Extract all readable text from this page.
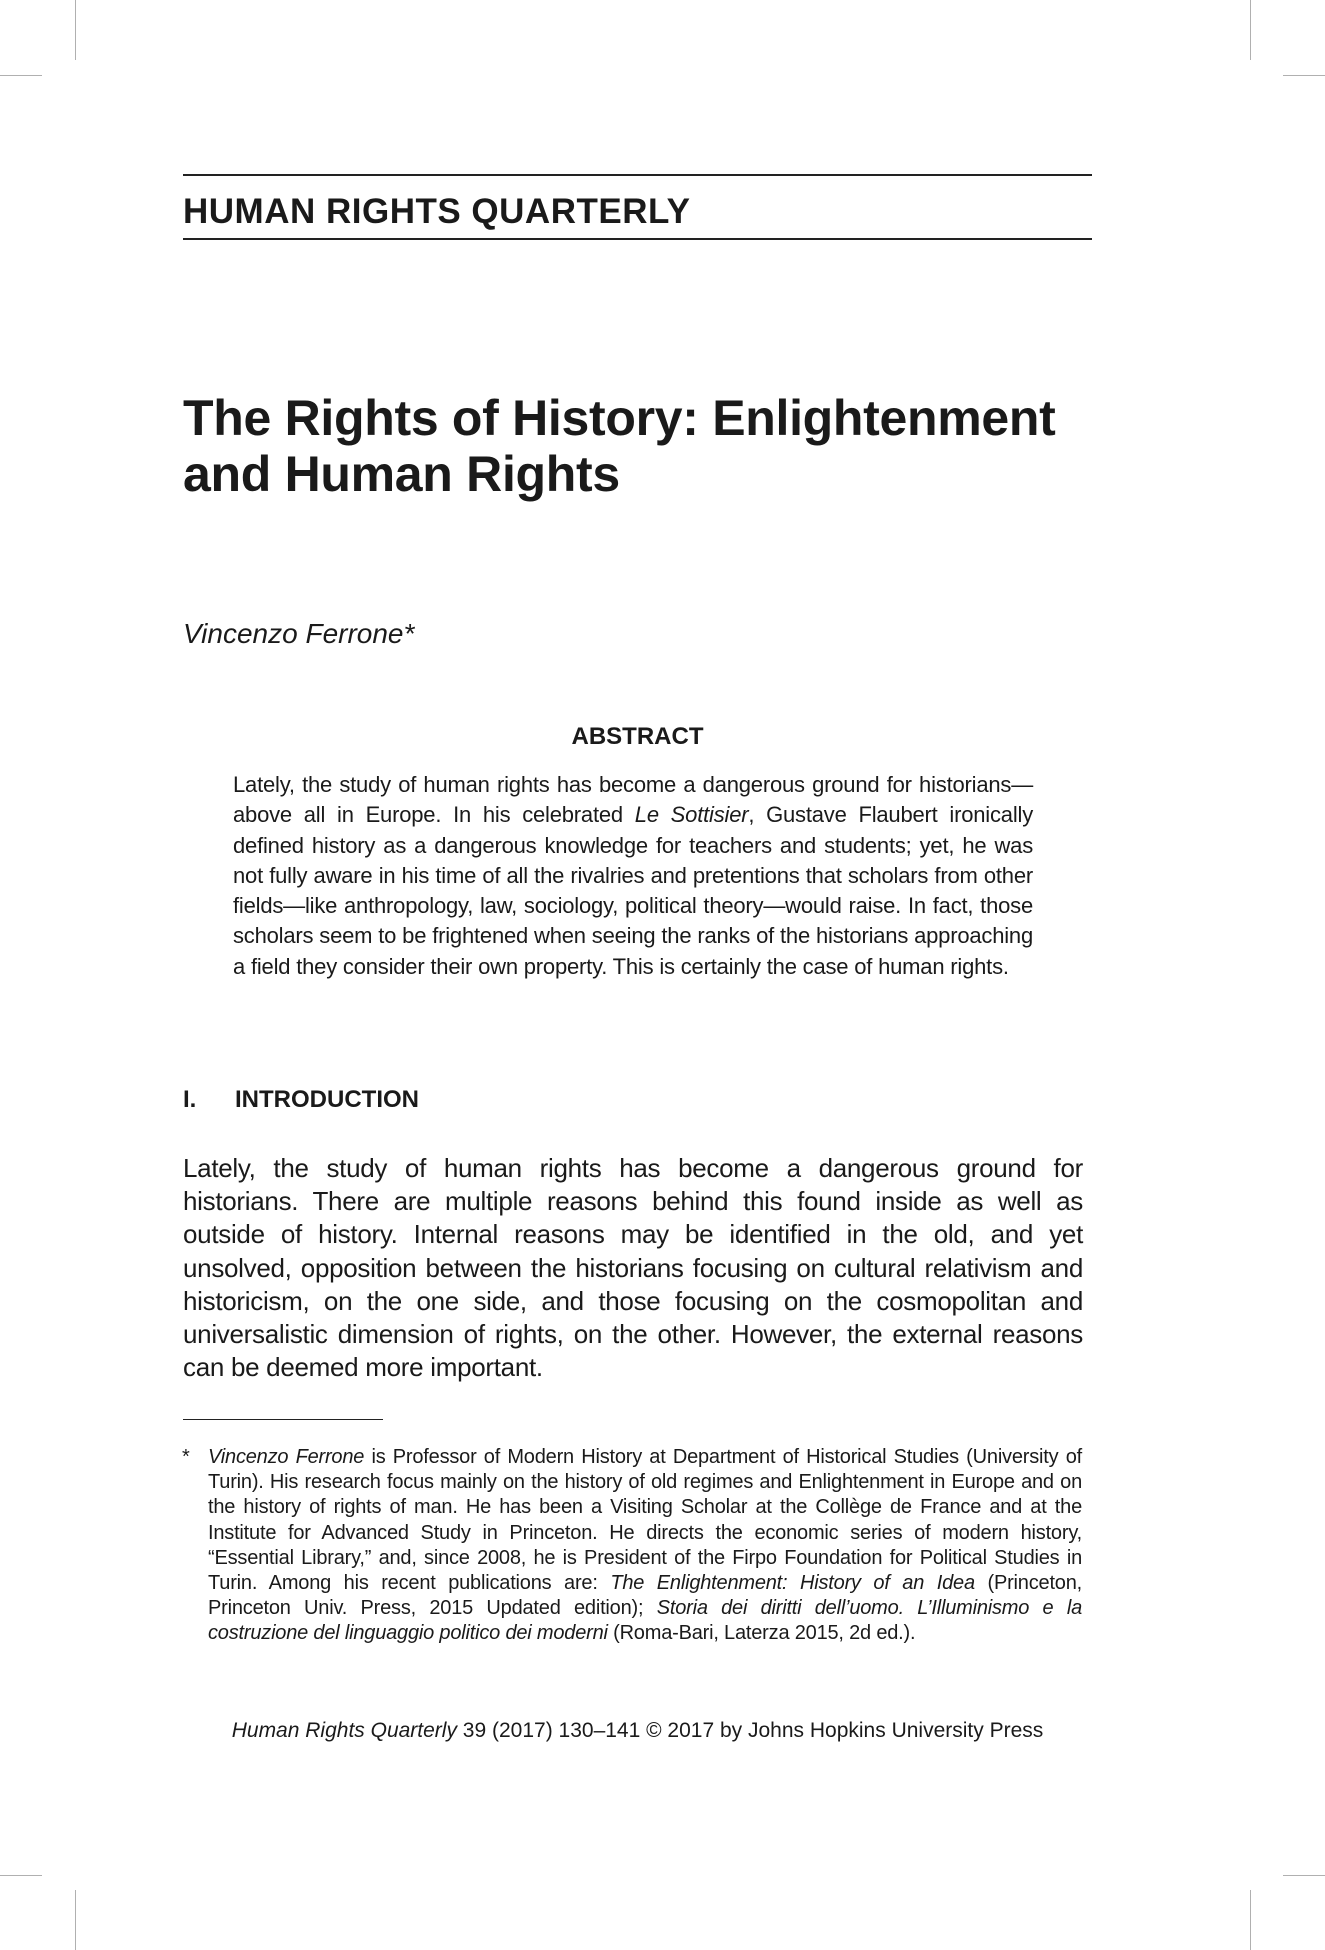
HUMAN RIGHTS QUARTERLY
The Rights of History: Enlightenment
and Human Rights
Vincenzo Ferrone*
ABSTRACT
Lately, the study of human rights has become a dangerous ground for historians—above all in Europe. In his celebrated Le Sottisier, Gustave Flaubert ironically defined history as a dangerous knowledge for teachers and students; yet, he was not fully aware in his time of all the rivalries and pretentions that scholars from other fields—like anthropology, law, sociology, political theory—would raise. In fact, those scholars seem to be frightened when seeing the ranks of the historians approaching a field they consider their own property. This is certainly the case of human rights.
I. INTRODUCTION
Lately, the study of human rights has become a dangerous ground for historians. There are multiple reasons behind this found inside as well as outside of history. Internal reasons may be identified in the old, and yet unsolved, opposition between the historians focusing on cultural relativism and historicism, on the one side, and those focusing on the cosmopolitan and universalistic dimension of rights, on the other. However, the external reasons can be deemed more important.
* Vincenzo Ferrone is Professor of Modern History at Department of Historical Studies (University of Turin). His research focus mainly on the history of old regimes and Enlightenment in Europe and on the history of rights of man. He has been a Visiting Scholar at the Collège de France and at the Institute for Advanced Study in Princeton. He directs the economic series of modern history, “Essential Library,” and, since 2008, he is President of the Firpo Foundation for Political Studies in Turin. Among his recent publications are: The Enlightenment: History of an Idea (Princeton, Princeton Univ. Press, 2015 Updated edition); Storia dei diritti dell’uomo. L’Illuminismo e la costruzione del linguaggio politico dei moderni (Roma-Bari, Laterza 2015, 2d ed.).
Human Rights Quarterly 39 (2017) 130–141 © 2017 by Johns Hopkins University Press
